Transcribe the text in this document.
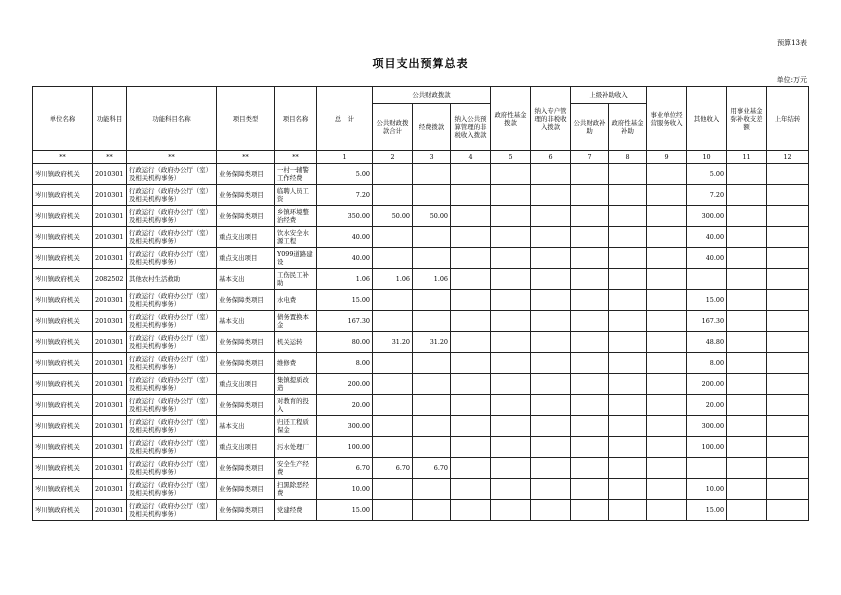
预算13表
项目支出预算总表
单位:万元
单位名称	功能科目	功能科目名称	项目类型	项目名称	总　计	公共财政拨款			政府性基金拨款	纳入专户管理的非税收入拨款	上级补助收入		事业单位经营服务收入	其他收入	用事业基金弥补收支差额	上年结转
						公共财政拨款合计	经费拨款	纳入公共预算管理的非税收入拨款			公共财政补助	政府性基金补助				
**	**	**	**	**	1	2	3	4	5	6	7	8	9	10	11	12
岑川镇政府机关	2010301	行政运行（政府办公厅（室）及相关机构事务）	业务保障类项目	一村一辅警工作经费	5.00									5.00		
岑川镇政府机关	2010301	行政运行（政府办公厅（室）及相关机构事务）	业务保障类项目	临聘人员工资	7.20									7.20		
岑川镇政府机关	2010301	行政运行（政府办公厅（室）及相关机构事务）	业务保障类项目	乡镇环境整治经费	350.00	50.00	50.00							300.00		
岑川镇政府机关	2010301	行政运行（政府办公厅（室）及相关机构事务）	重点支出项目	饮水安全水源工程	40.00									40.00		
岑川镇政府机关	2010301	行政运行（政府办公厅（室）及相关机构事务）	重点支出项目	Y099道路建设	40.00									40.00		
岑川镇政府机关	2082502	其他农村生活救助	基本支出	工伤民工补助	1.06	1.06	1.06									
岑川镇政府机关	2010301	行政运行（政府办公厅（室）及相关机构事务）	业务保障类项目	水电费	15.00									15.00		
岑川镇政府机关	2010301	行政运行（政府办公厅（室）及相关机构事务）	基本支出	债务置换本金	167.30									167.30		
岑川镇政府机关	2010301	行政运行（政府办公厅（室）及相关机构事务）	业务保障类项目	机关运转	80.00	31.20	31.20							48.80		
岑川镇政府机关	2010301	行政运行（政府办公厅（室）及相关机构事务）	业务保障类项目	维修费	8.00									8.00		
岑川镇政府机关	2010301	行政运行（政府办公厅（室）及相关机构事务）	重点支出项目	集镇提质改造	200.00									200.00		
岑川镇政府机关	2010301	行政运行（政府办公厅（室）及相关机构事务）	业务保障类项目	对教育的投入	20.00									20.00		
岑川镇政府机关	2010301	行政运行（政府办公厅（室）及相关机构事务）	基本支出	归还工程质保金	300.00									300.00		
岑川镇政府机关	2010301	行政运行（政府办公厅（室）及相关机构事务）	重点支出项目	污水处理厂	100.00									100.00		
岑川镇政府机关	2010301	行政运行（政府办公厅（室）及相关机构事务）	业务保障类项目	安全生产经费	6.70	6.70	6.70									
岑川镇政府机关	2010301	行政运行（政府办公厅（室）及相关机构事务）	业务保障类项目	扫黑除恶经费	10.00									10.00		
岑川镇政府机关	2010301	行政运行（政府办公厅（室）及相关机构事务）	业务保障类项目	党建经费	15.00									15.00		
